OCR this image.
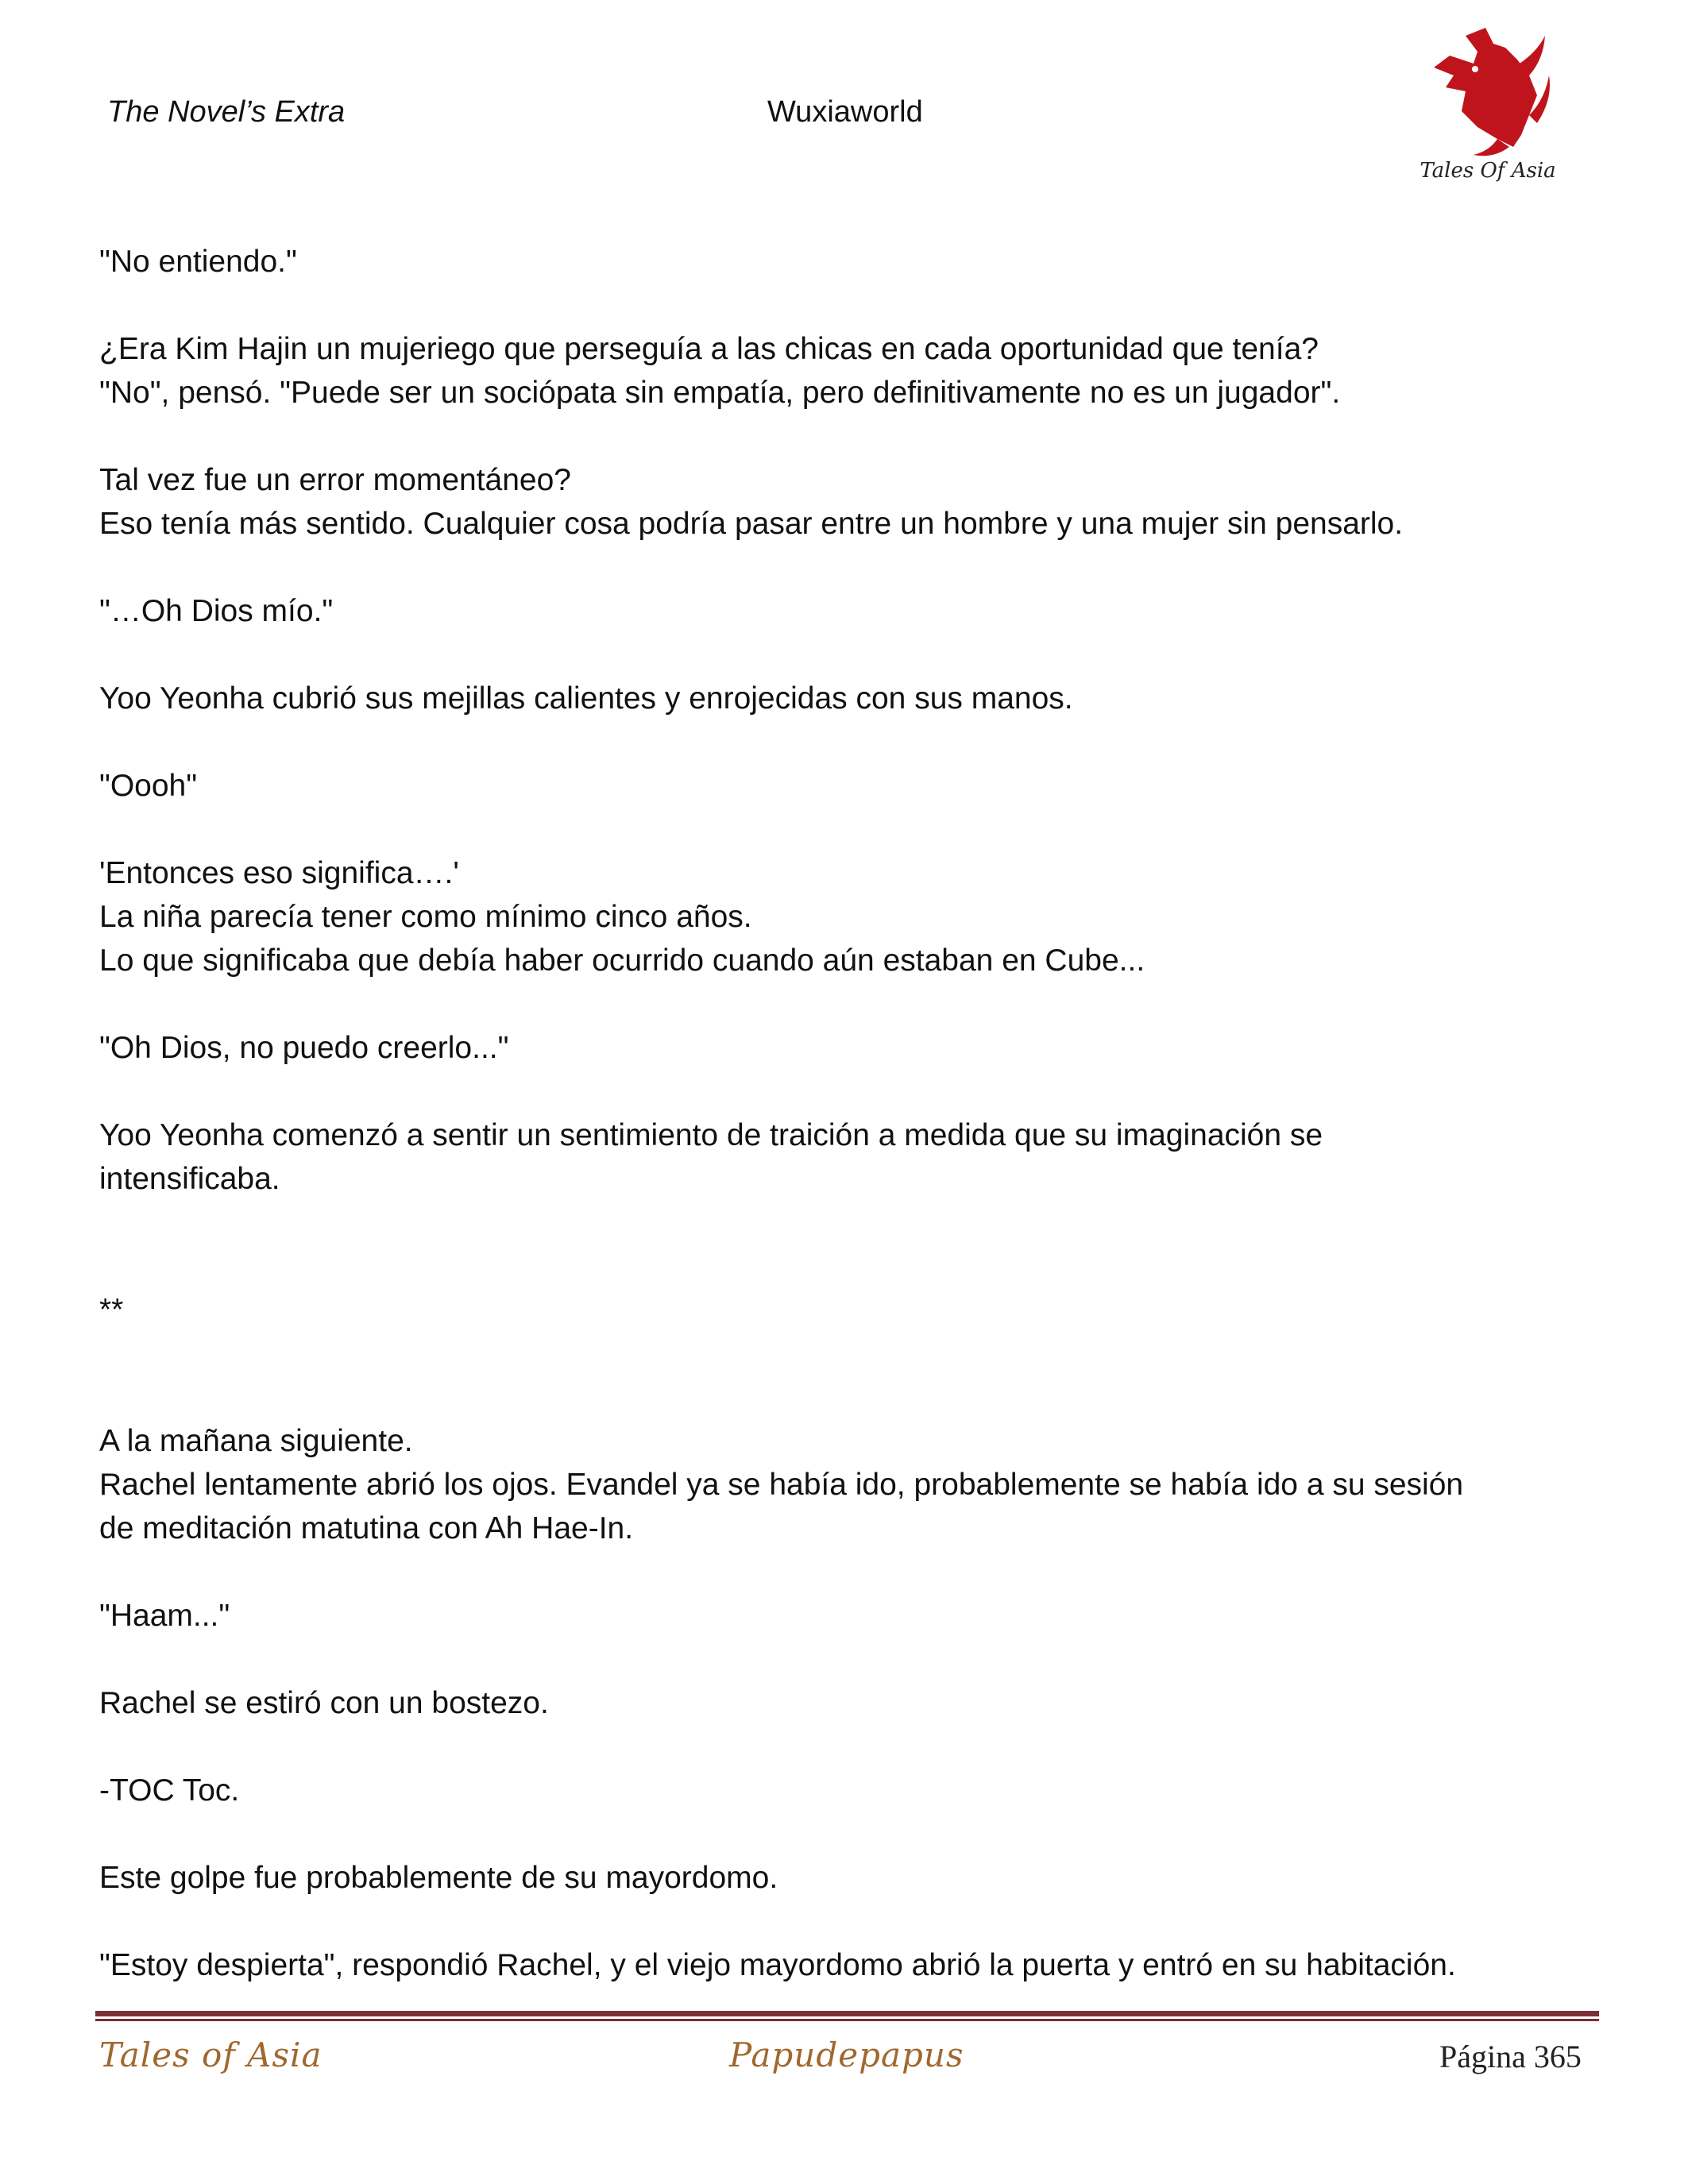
The Novel’s Extra	Wuxiaworld
Tales Of Asia

"No entiendo."

¿Era Kim Hajin un mujeriego que perseguía a las chicas en cada oportunidad que tenía?

"No", pensó. "Puede ser un sociópata sin empatía, pero definitivamente no es un jugador".

Tal vez fue un error momentáneo?

Eso tenía más sentido. Cualquier cosa podría pasar entre un hombre y una mujer sin pensarlo.

"…Oh Dios mío."

Yoo Yeonha cubrió sus mejillas calientes y enrojecidas con sus manos.

"Oooh"

'Entonces eso significa….'

La niña parecía tener como mínimo cinco años.

Lo que significaba que debía haber ocurrido cuando aún estaban en Cube...

"Oh Dios, no puedo creerlo..."

Yoo Yeonha comenzó a sentir un sentimiento de traición a medida que su imaginación se

intensificaba.

**

A la mañana siguiente.

Rachel lentamente abrió los ojos. Evandel ya se había ido, probablemente se había ido a su sesión

de meditación matutina con Ah Hae-In.

"Haam..."

Rachel se estiró con un bostezo.

-TOC Toc.

Este golpe fue probablemente de su mayordomo.

"Estoy despierta", respondió Rachel, y el viejo mayordomo abrió la puerta y entró en su habitación.

Tales of Asia	Papudepapus	Página 365
